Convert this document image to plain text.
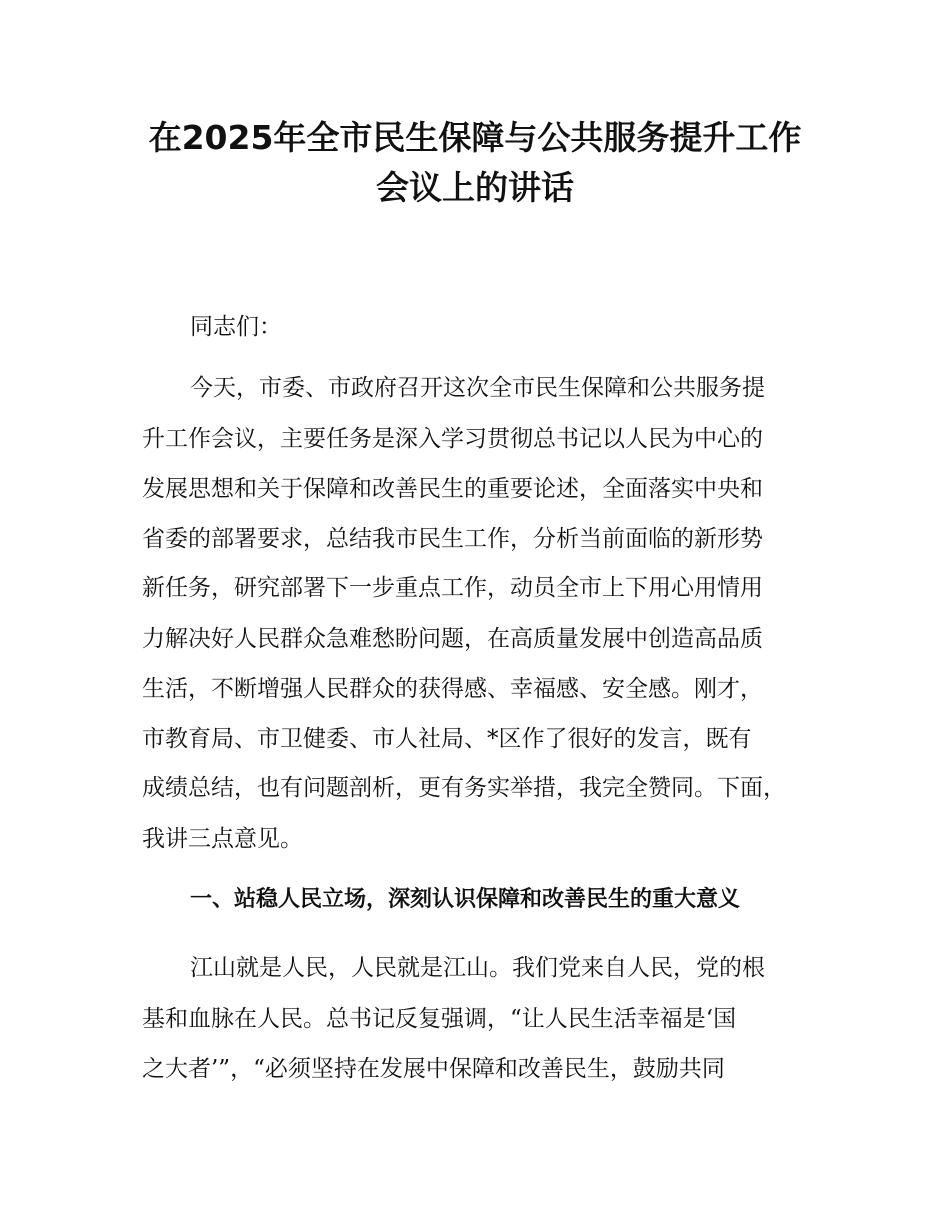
在2025年全市民生保障与公共服务提升工作
会议上的讲话

同志们：

今天，市委、市政府召开这次全市民生保障和公共服务提

升工作会议，主要任务是深入学习贯彻总书记以人民为中心的

发展思想和关于保障和改善民生的重要论述，全面落实中央和

省委的部署要求，总结我市民生工作，分析当前面临的新形势

新任务，研究部署下一步重点工作，动员全市上下用心用情用

力解决好人民群众急难愁盼问题，在高质量发展中创造高品质

生活，不断增强人民群众的获得感、幸福感、安全感。刚才，

市教育局、市卫健委、市人社局、*区作了很好的发言，既有

成绩总结，也有问题剖析，更有务实举措，我完全赞同。下面，

我讲三点意见。

一、站稳人民立场，深刻认识保障和改善民生的重大意义

江山就是人民，人民就是江山。我们党来自人民，党的根

基和血脉在人民。总书记反复强调，“让人民生活幸福是‘国

之大者’”，“必须坚持在发展中保障和改善民生，鼓励共同
